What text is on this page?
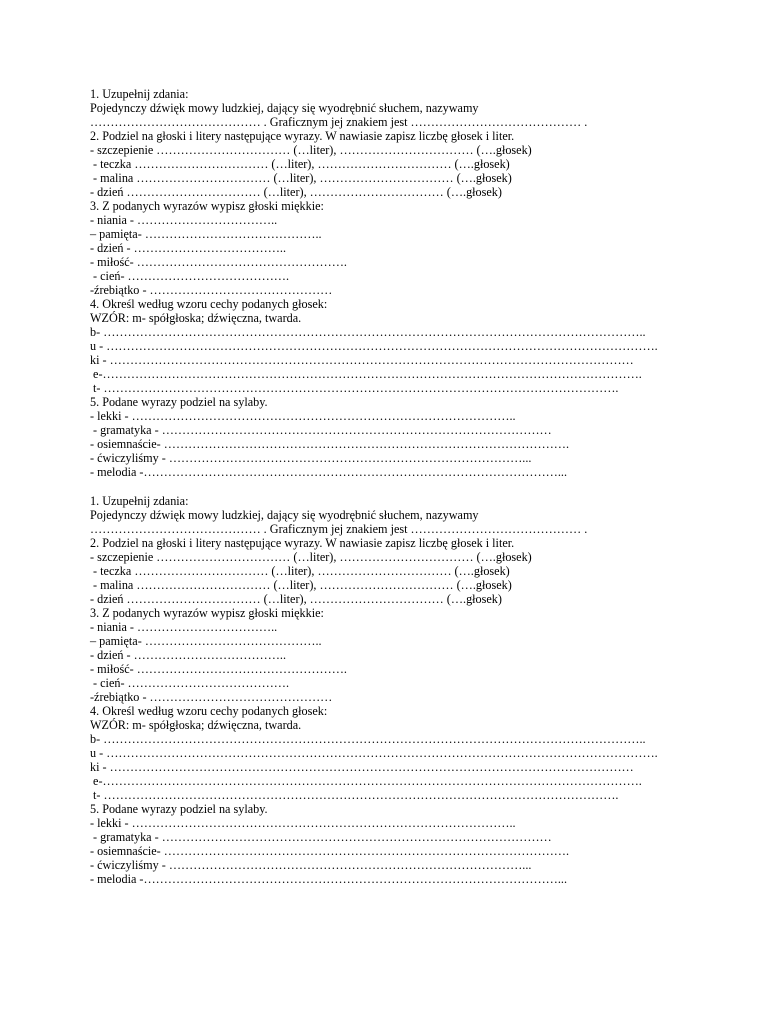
1. Uzupełnij zdania:
Pojedynczy dźwięk mowy ludzkiej, dający się wyodrębnić słuchem, nazywamy
…………………………………… . Graficznym jej znakiem jest …………………………………… .
2. Podziel na głoski i litery następujące wyrazy. W nawiasie zapisz liczbę głosek i liter.
- szczepienie …………………………… (…liter), …………………………… (….głosek)
- teczka …………………………… (…liter), …………………………… (….głosek)
- malina …………………………… (…liter), …………………………… (….głosek)
- dzień …………………………… (…liter), …………………………… (….głosek)
3. Z podanych wyrazów wypisz głoski miękkie:
- niania - ……………………………..
– pamięta- ……………………………………..
- dzień - ………………………………..
- miłość- …………………………………………….
- cień- ………………………………….
-źrebiątko - ………………………………………
4. Określ według wzoru cechy podanych głosek:
WZÓR: m- spółgłoska; dźwięczna, twarda.
b- ……………………………………………………………………………………………………………………..
u - ……………………………………………………………………………………………………………………….
ki - …………………………………………………………………………………………………………………
e-…………………………………………………………………………………………………………………….
t- ……………………………………………………………………………………………………………….
5. Podane wyrazy podziel na sylaby.
- lekki - …………………………………………………………………………………..
- gramatyka - ……………………………………………………………………………………
- osiemnaście- ……………………………………………………………………………………….
- ćwiczyliśmy - ……………………………………………………………………………...
- melodia -…………………………………………………………………………………………...
1. Uzupełnij zdania:
Pojedynczy dźwięk mowy ludzkiej, dający się wyodrębnić słuchem, nazywamy
…………………………………… . Graficznym jej znakiem jest …………………………………… .
2. Podziel na głoski i litery następujące wyrazy. W nawiasie zapisz liczbę głosek i liter.
- szczepienie …………………………… (…liter), …………………………… (….głosek)
- teczka …………………………… (…liter), …………………………… (….głosek)
- malina …………………………… (…liter), …………………………… (….głosek)
- dzień …………………………… (…liter), …………………………… (….głosek)
3. Z podanych wyrazów wypisz głoski miękkie:
- niania - ……………………………..
– pamięta- ……………………………………..
- dzień - ………………………………..
- miłość- …………………………………………….
- cień- ………………………………….
-źrebiątko - ………………………………………
4. Określ według wzoru cechy podanych głosek:
WZÓR: m- spółgłoska; dźwięczna, twarda.
b- ……………………………………………………………………………………………………………………..
u - ……………………………………………………………………………………………………………………….
ki - …………………………………………………………………………………………………………………
e-…………………………………………………………………………………………………………………….
t- ……………………………………………………………………………………………………………….
5. Podane wyrazy podziel na sylaby.
- lekki - …………………………………………………………………………………..
- gramatyka - ……………………………………………………………………………………
- osiemnaście- ……………………………………………………………………………………….
- ćwiczyliśmy - ……………………………………………………………………………...
- melodia -…………………………………………………………………………………………...
